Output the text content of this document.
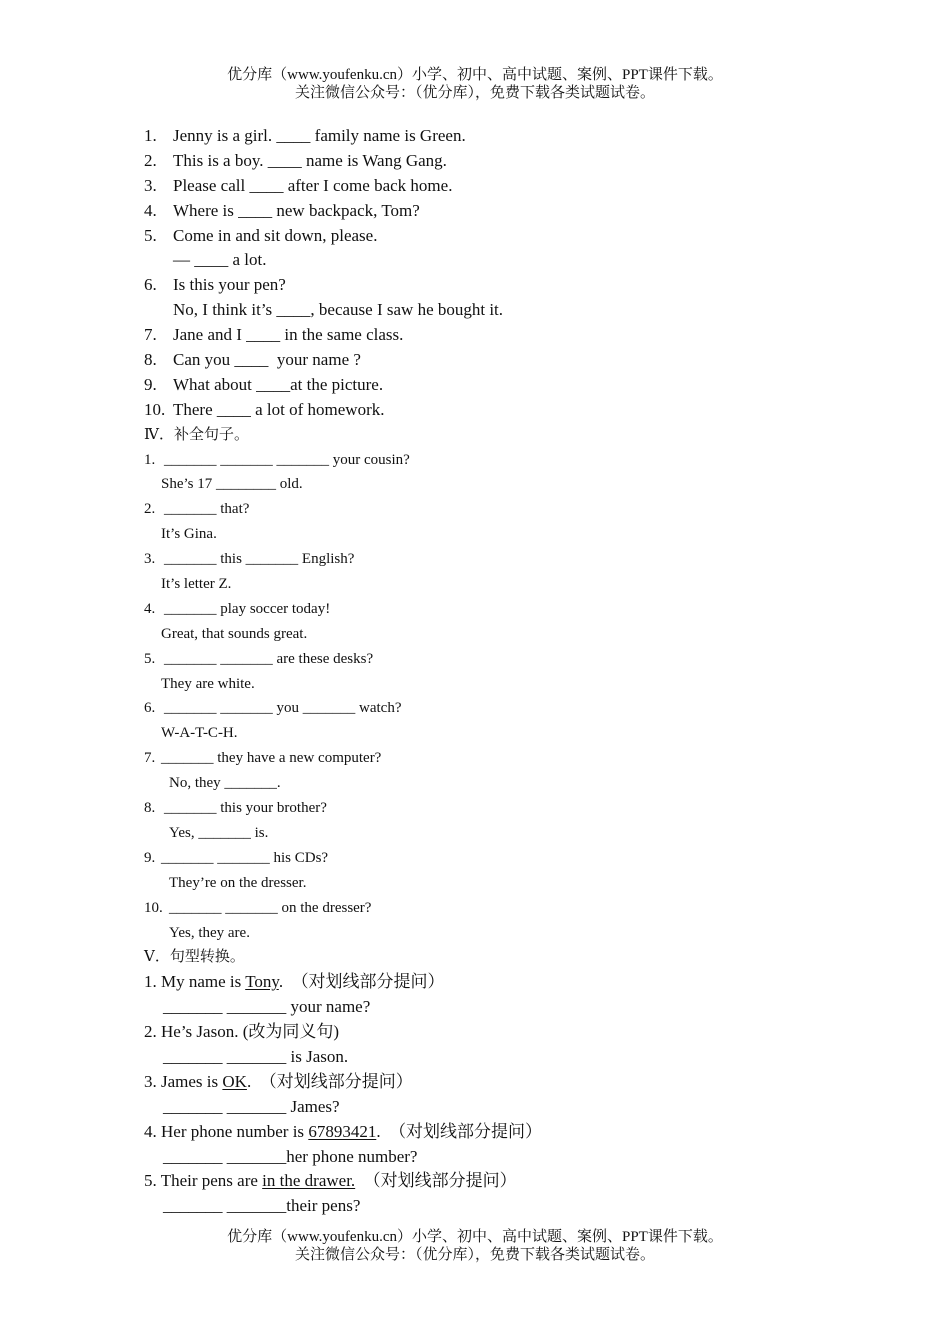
优分库（www.youfenku.cn）小学、初中、高中试题、案例、PPT课件下载。
关注微信公众号：（优分库），免费下载各类试题试卷。
1. Jenny is a girl. ____ family name is Green.
2. This is a boy. ____ name is Wang Gang.
3. Please call ____ after I come back home.
4. Where is ____ new backpack, Tom?
5. Come in and sit down, please.
— ____ a lot.
6. Is this your pen?
No, I think it’s ____, because I saw he bought it.
7. Jane and I ____ in the same class.
8. Can you ____  your name ?
9. What about ____at the picture.
10. There ____ a lot of homework.
Ⅳ．补全句子。
1. _______ _______ _______ your cousin?
She’s 17 ________ old.
2. _______ that?
It’s Gina.
3. _______ this _______ English?
It’s letter Z.
4. _______ play soccer today!
Great, that sounds great.
5. _______ _______ are these desks?
They are white.
6. _______ _______ you _______ watch?
W-A-T-C-H.
7. _______ they have a new computer?
No, they _______.
8. _______ this your brother?
Yes, _______ is.
9. _______ _______ his CDs?
They’re on the dresser.
10. _______ _______ on the dresser?
Yes, they are.
Ⅴ．句型转换。
1. My name is Tony.  （对划线部分提问）
_______ _______ your name?
2. He’s Jason. (改为同义句)
_______ _______ is Jason.
3. James is OK.  （对划线部分提问）
_______ _______ James?
4. Her phone number is 67893421.  （对划线部分提问）
_______ _______her phone number?
5. Their pens are in the drawer.  （对划线部分提问）
_______ _______their pens?
优分库（www.youfenku.cn）小学、初中、高中试题、案例、PPT课件下载。
关注微信公众号：（优分库），免费下载各类试题试卷。
